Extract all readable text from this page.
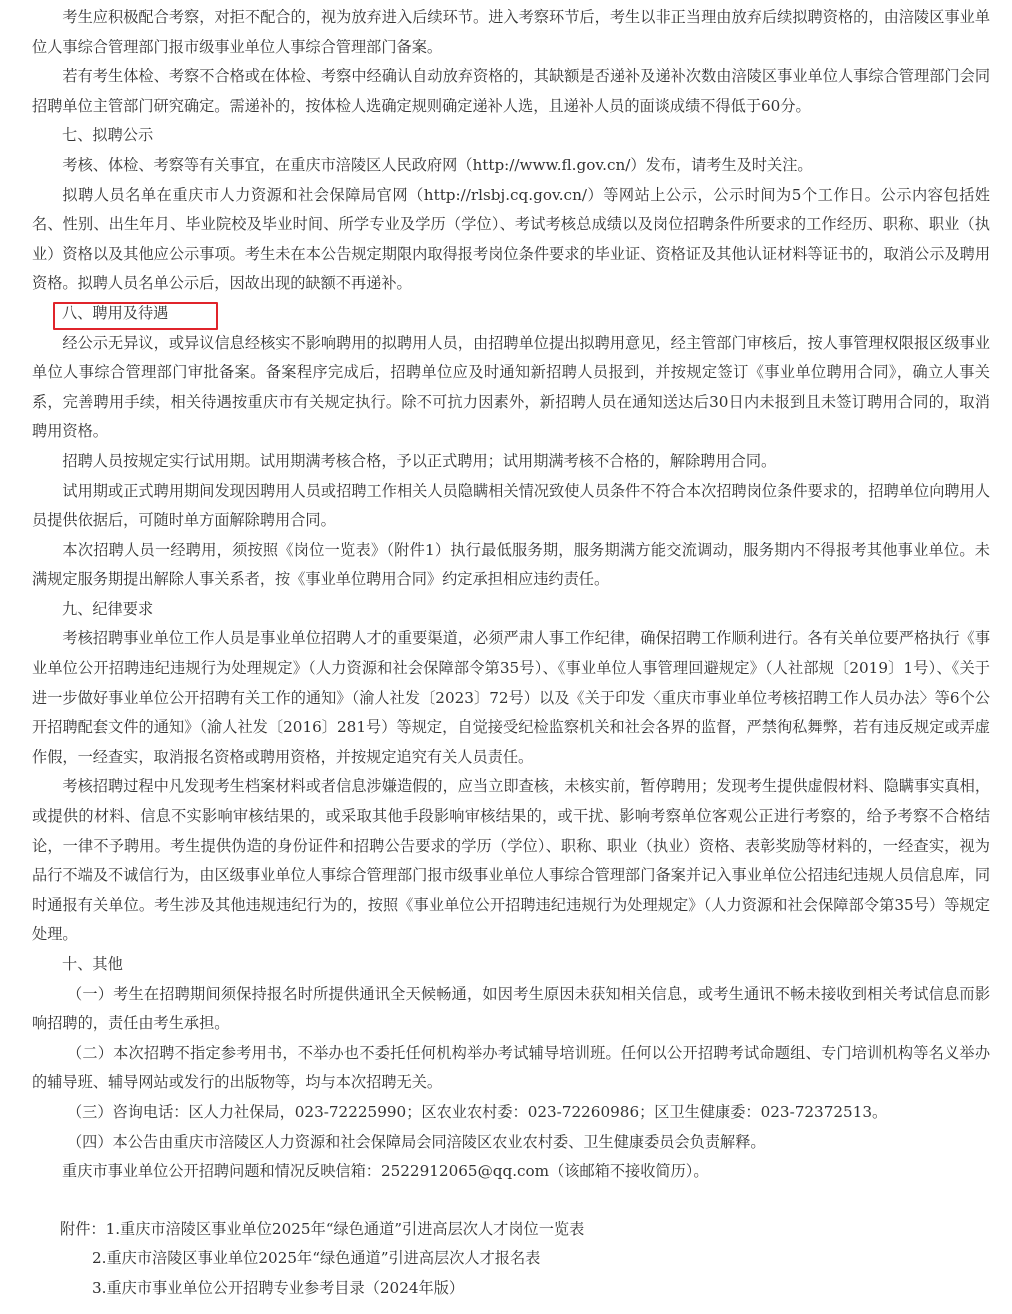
考生应积极配合考察，对拒不配合的，视为放弃进入后续环节。进入考察环节后，考生以非正当理由放弃后续拟聘资格的，由涪陵区事业单位人事综合管理部门报市级事业单位人事综合管理部门备案。

若有考生体检、考察不合格或在体检、考察中经确认自动放弃资格的，其缺额是否递补及递补次数由涪陵区事业单位人事综合管理部门会同招聘单位主管部门研究确定。需递补的，按体检人选确定规则确定递补人选，且递补人员的面谈成绩不得低于60分。

七、拟聘公示

考核、体检、考察等有关事宜，在重庆市涪陵区人民政府网（http://www.fl.gov.cn/）发布，请考生及时关注。

拟聘人员名单在重庆市人力资源和社会保障局官网（http://rlsbj.cq.gov.cn/）等网站上公示，公示时间为5个工作日。公示内容包括姓名、性别、出生年月、毕业院校及毕业时间、所学专业及学历（学位）、考试考核总成绩以及岗位招聘条件所要求的工作经历、职称、职业（执业）资格以及其他应公示事项。考生未在本公告规定期限内取得报考岗位条件要求的毕业证、资格证及其他认证材料等证书的，取消公示及聘用资格。拟聘人员名单公示后，因故出现的缺额不再递补。

八、聘用及待遇

经公示无异议，或异议信息经核实不影响聘用的拟聘用人员，由招聘单位提出拟聘用意见，经主管部门审核后，按人事管理权限报区级事业单位人事综合管理部门审批备案。备案程序完成后，招聘单位应及时通知新招聘人员报到，并按规定签订《事业单位聘用合同》，确立人事关系，完善聘用手续，相关待遇按重庆市有关规定执行。除不可抗力因素外，新招聘人员在通知送达后30日内未报到且未签订聘用合同的，取消聘用资格。

招聘人员按规定实行试用期。试用期满考核合格，予以正式聘用；试用期满考核不合格的，解除聘用合同。

试用期或正式聘用期间发现因聘用人员或招聘工作相关人员隐瞒相关情况致使人员条件不符合本次招聘岗位条件要求的，招聘单位向聘用人员提供依据后，可随时单方面解除聘用合同。

本次招聘人员一经聘用，须按照《岗位一览表》（附件1）执行最低服务期，服务期满方能交流调动，服务期内不得报考其他事业单位。未满规定服务期提出解除人事关系者，按《事业单位聘用合同》约定承担相应违约责任。

九、纪律要求

考核招聘事业单位工作人员是事业单位招聘人才的重要渠道，必须严肃人事工作纪律，确保招聘工作顺利进行。各有关单位要严格执行《事业单位公开招聘违纪违规行为处理规定》（人力资源和社会保障部令第35号）、《事业单位人事管理回避规定》（人社部规〔2019〕1号）、《关于进一步做好事业单位公开招聘有关工作的通知》（渝人社发〔2023〕72号）以及《关于印发〈重庆市事业单位考核招聘工作人员办法〉等6个公开招聘配套文件的通知》（渝人社发〔2016〕281号）等规定，自觉接受纪检监察机关和社会各界的监督，严禁徇私舞弊，若有违反规定或弄虚作假，一经查实，取消报名资格或聘用资格，并按规定追究有关人员责任。

考核招聘过程中凡发现考生档案材料或者信息涉嫌造假的，应当立即查核，未核实前，暂停聘用；发现考生提供虚假材料、隐瞒事实真相，或提供的材料、信息不实影响审核结果的，或采取其他手段影响审核结果的，或干扰、影响考察单位客观公正进行考察的，给予考察不合格结论，一律不予聘用。考生提供伪造的身份证件和招聘公告要求的学历（学位）、职称、职业（执业）资格、表彰奖励等材料的，一经查实，视为品行不端及不诚信行为，由区级事业单位人事综合管理部门报市级事业单位人事综合管理部门备案并记入事业单位公招违纪违规人员信息库，同时通报有关单位。考生涉及其他违规违纪行为的，按照《事业单位公开招聘违纪违规行为处理规定》（人力资源和社会保障部令第35号）等规定处理。

十、其他

（一）考生在招聘期间须保持报名时所提供通讯全天候畅通，如因考生原因未获知相关信息，或考生通讯不畅未接收到相关考试信息而影响招聘的，责任由考生承担。

（二）本次招聘不指定参考用书，不举办也不委托任何机构举办考试辅导培训班。任何以公开招聘考试命题组、专门培训机构等名义举办的辅导班、辅导网站或发行的出版物等，均与本次招聘无关。

（三）咨询电话：区人力社保局，023-72225990；区农业农村委：023-72260986；区卫生健康委：023-72372513。

（四）本公告由重庆市涪陵区人力资源和社会保障局会同涪陵区农业农村委、卫生健康委员会负责解释。

重庆市事业单位公开招聘问题和情况反映信箱：2522912065@qq.com（该邮箱不接收简历）。

附件：1.重庆市涪陵区事业单位2025年“绿色通道”引进高层次人才岗位一览表

2.重庆市涪陵区事业单位2025年“绿色通道”引进高层次人才报名表

3.重庆市事业单位公开招聘专业参考目录（2024年版）
